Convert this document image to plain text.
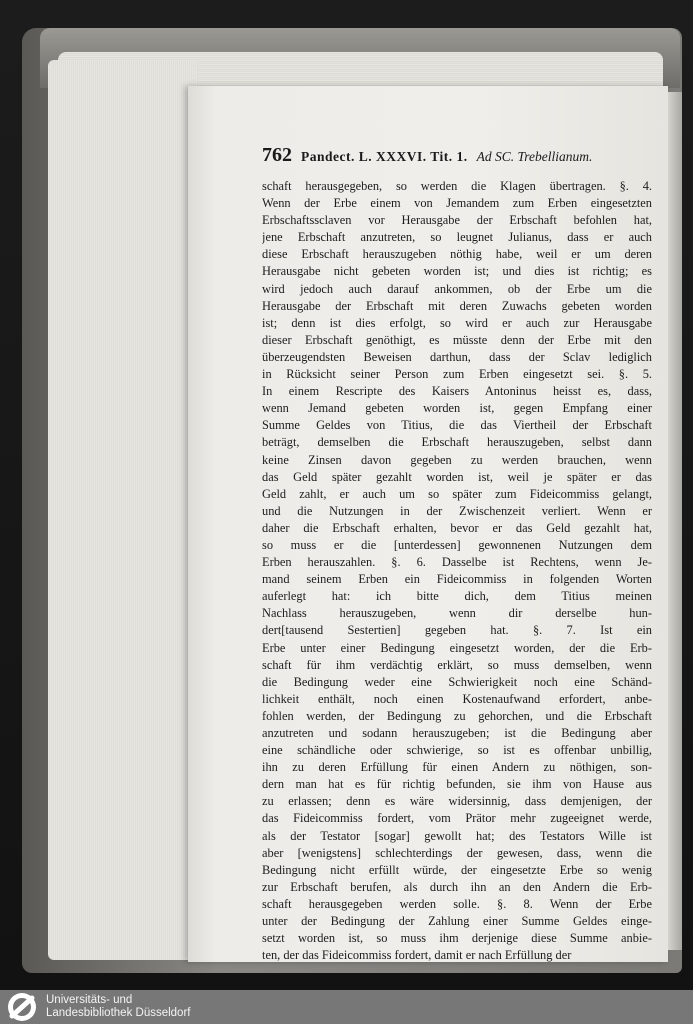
762 Pandect. L. XXXVI. Tit. 1. Ad SC. Trebellianum.
schaft herausgegeben, so werden die Klagen übertragen. §. 4.
Wenn der Erbe einem von Jemandem zum Erben eingesetzten
Erbschaftssclaven vor Herausgabe der Erbschaft befohlen hat,
jene Erbschaft anzutreten, so leugnet Julianus, dass er auch
diese Erbschaft herauszugeben nöthig habe, weil er um deren
Herausgabe nicht gebeten worden ist; und dies ist richtig; es
wird jedoch auch darauf ankommen, ob der Erbe um die
Herausgabe der Erbschaft mit deren Zuwachs gebeten worden
ist; denn ist dies erfolgt, so wird er auch zur Herausgabe
dieser Erbschaft genöthigt, es müsste denn der Erbe mit den
überzeugendsten Beweisen darthun, dass der Sclav lediglich
in Rücksicht seiner Person zum Erben eingesetzt sei. §. 5.
In einem Rescripte des Kaisers Antoninus heisst es, dass,
wenn Jemand gebeten worden ist, gegen Empfang einer
Summe Geldes von Titius, die das Viertheil der Erbschaft
beträgt, demselben die Erbschaft herauszugeben, selbst dann
keine Zinsen davon gegeben zu werden brauchen, wenn
das Geld später gezahlt worden ist, weil je später er das
Geld zahlt, er auch um so später zum Fideicommiss gelangt,
und die Nutzungen in der Zwischenzeit verliert. Wenn er
daher die Erbschaft erhalten, bevor er das Geld gezahlt hat,
so muss er die [unterdessen] gewonnenen Nutzungen dem
Erben herauszahlen. §. 6. Dasselbe ist Rechtens, wenn Je-
mand seinem Erben ein Fideicommiss in folgenden Worten
auferlegt hat: ich bitte dich, dem Titius meinen
Nachlass herauszugeben, wenn dir derselbe hun-
dert[tausend Sestertien] gegeben hat. §. 7. Ist ein
Erbe unter einer Bedingung eingesetzt worden, der die Erb-
schaft für ihm verdächtig erklärt, so muss demselben, wenn
die Bedingung weder eine Schwierigkeit noch eine Schänd-
lichkeit enthält, noch einen Kostenaufwand erfordert, anbe-
fohlen werden, der Bedingung zu gehorchen, und die Erbschaft
anzutreten und sodann herauszugeben; ist die Bedingung aber
eine schändliche oder schwierige, so ist es offenbar unbillig,
ihn zu deren Erfüllung für einen Andern zu nöthigen, son-
dern man hat es für richtig befunden, sie ihm von Hause aus
zu erlassen; denn es wäre widersinnig, dass demjenigen, der
das Fideicommiss fordert, vom Prätor mehr zugeeignet werde,
als der Testator [sogar] gewollt hat; des Testators Wille ist
aber [wenigstens] schlechterdings der gewesen, dass, wenn die
Bedingung nicht erfüllt würde, der eingesetzte Erbe so wenig
zur Erbschaft berufen, als durch ihn an den Andern die Erb-
schaft herausgegeben werden solle. §. 8. Wenn der Erbe
unter der Bedingung der Zahlung einer Summe Geldes einge-
setzt worden ist, so muss ihm derjenige diese Summe anbie-
ten, der das Fideicommiss fordert, damit er nach Erfüllung der
Universitäts- und
Landesbibliothek Düsseldorf
